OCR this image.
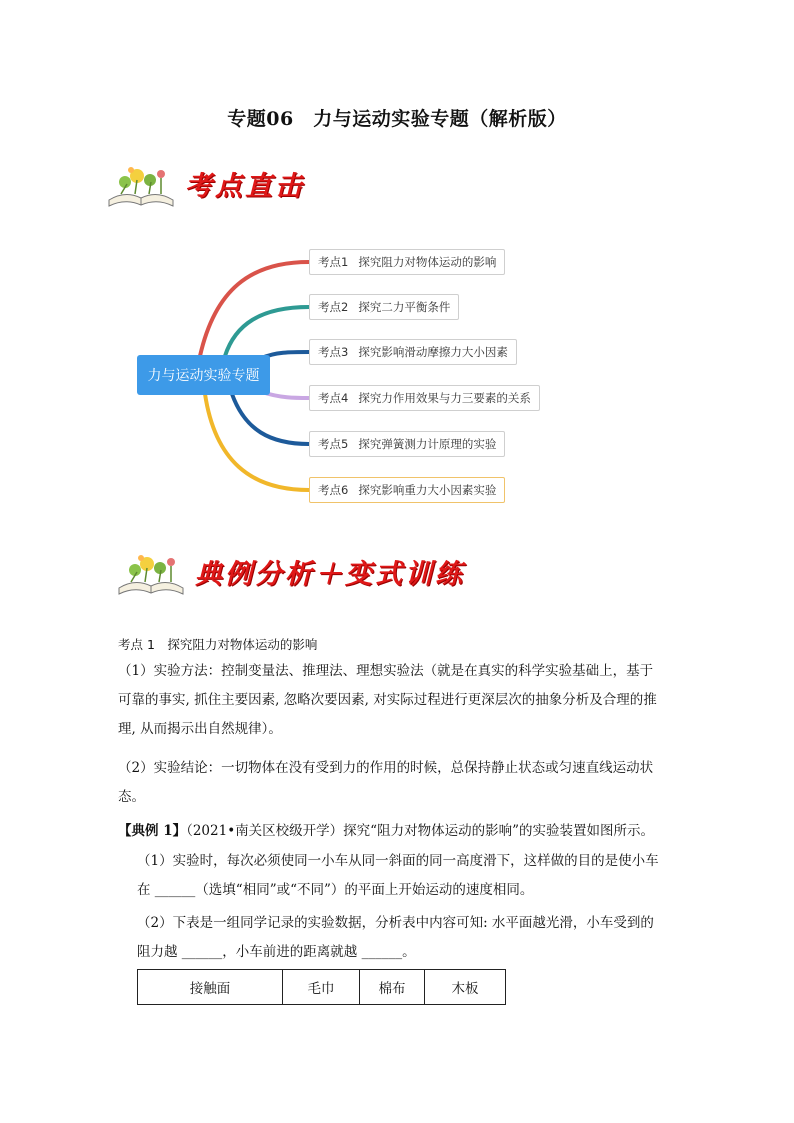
专题06　力与运动实验专题（解析版）
考点直击
力与运动实验专题
考点1 探究阻力对物体运动的影响
考点2 探究二力平衡条件
考点3 探究影响滑动摩擦力大小因素
考点4 探究力作用效果与力三要素的关系
考点5 探究弹簧测力计原理的实验
考点6 探究影响重力大小因素实验
典例分析＋变式训练
考点 1　探究阻力对物体运动的影响
（1）实验方法：控制变量法、推理法、理想实验法（就是在真实的科学实验基础上，基于
可靠的事实, 抓住主要因素, 忽略次要因素, 对实际过程进行更深层次的抽象分析及合理的推
理, 从而揭示出自然规律）。
（2）实验结论：一切物体在没有受到力的作用的时候，总保持静止状态或匀速直线运动状
态。
【典例 1】（2021•南关区校级开学）探究“阻力对物体运动的影响”的实验装置如图所示。
（1）实验时，每次必须使同一小车从同一斜面的同一高度滑下，这样做的目的是使小车
在 ______（选填“相同”或“不同”）的平面上开始运动的速度相同。
（2）下表是一组同学记录的实验数据，分析表中内容可知: 水平面越光滑，小车受到的
阻力越 ______，小车前进的距离就越 ______。
接触面	毛巾	棉布	木板
